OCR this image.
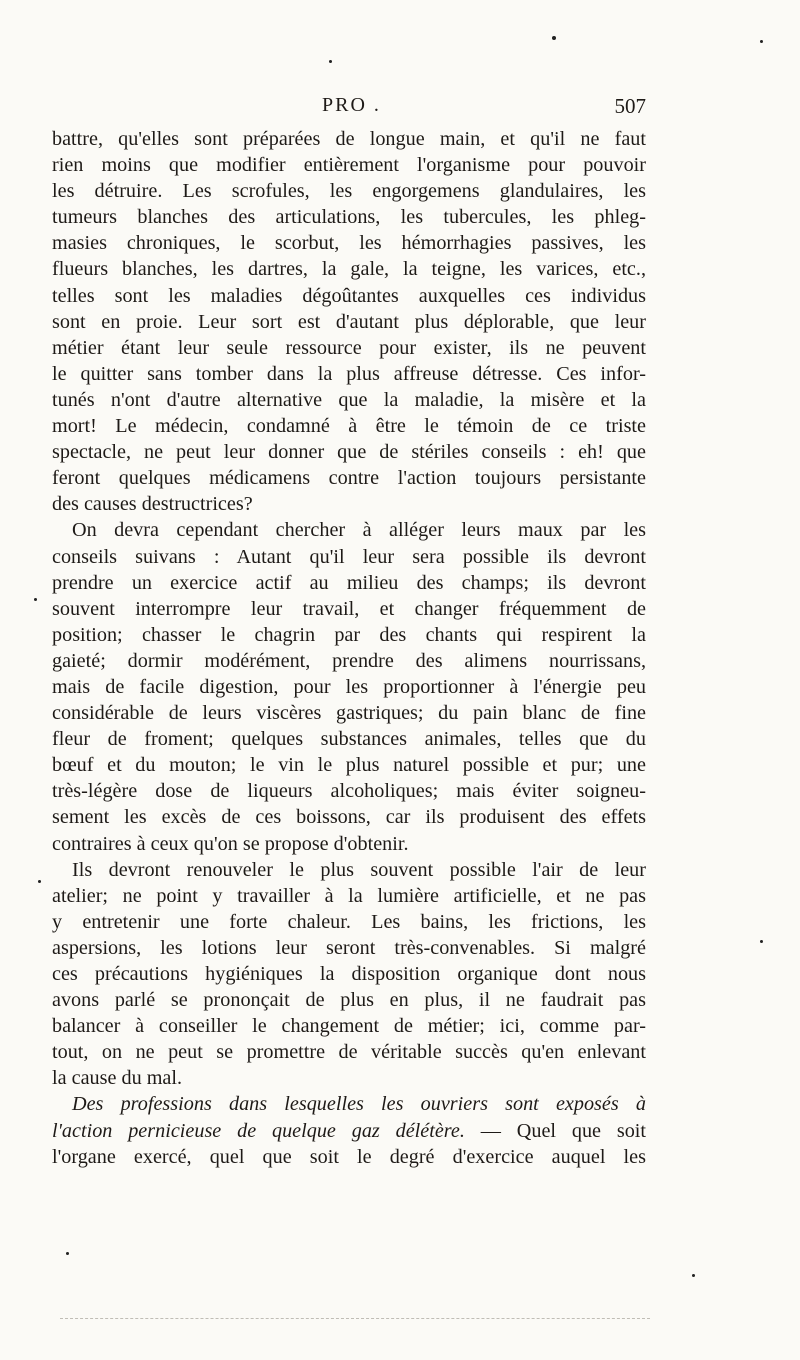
PRO .	507
battre, qu'elles sont préparées de longue main, et qu'il ne faut
rien moins que modifier entièrement l'organisme pour pouvoir
les détruire. Les scrofules, les engorgemens glandulaires, les
tumeurs blanches des articulations, les tubercules, les phleg-
masies chroniques, le scorbut, les hémorrhagies passives, les
flueurs blanches, les dartres, la gale, la teigne, les varices, etc.,
telles sont les maladies dégoûtantes auxquelles ces individus
sont en proie. Leur sort est d'autant plus déplorable, que leur
métier étant leur seule ressource pour exister, ils ne peuvent
le quitter sans tomber dans la plus affreuse détresse. Ces infor-
tunés n'ont d'autre alternative que la maladie, la misère et la
mort! Le médecin, condamné à être le témoin de ce triste
spectacle, ne peut leur donner que de stériles conseils : eh! que
feront quelques médicamens contre l'action toujours persistante
des causes destructrices?
On devra cependant chercher à alléger leurs maux par les
conseils suivans : Autant qu'il leur sera possible ils devront
prendre un exercice actif au milieu des champs; ils devront
souvent interrompre leur travail, et changer fréquemment de
position; chasser le chagrin par des chants qui respirent la
gaieté; dormir modérément, prendre des alimens nourrissans,
mais de facile digestion, pour les proportionner à l'énergie peu
considérable de leurs viscères gastriques; du pain blanc de fine
fleur de froment; quelques substances animales, telles que du
bœuf et du mouton; le vin le plus naturel possible et pur; une
très-légère dose de liqueurs alcoholiques; mais éviter soigneu-
sement les excès de ces boissons, car ils produisent des effets
contraires à ceux qu'on se propose d'obtenir.
Ils devront renouveler le plus souvent possible l'air de leur
atelier; ne point y travailler à la lumière artificielle, et ne pas
y entretenir une forte chaleur. Les bains, les frictions, les
aspersions, les lotions leur seront très-convenables. Si malgré
ces précautions hygiéniques la disposition organique dont nous
avons parlé se prononçait de plus en plus, il ne faudrait pas
balancer à conseiller le changement de métier; ici, comme par-
tout, on ne peut se promettre de véritable succès qu'en enlevant
la cause du mal.
Des professions dans lesquelles les ouvriers sont exposés à
l'action pernicieuse de quelque gaz délétère. — Quel que soit
l'organe exercé, quel que soit le degré d'exercice auquel les
